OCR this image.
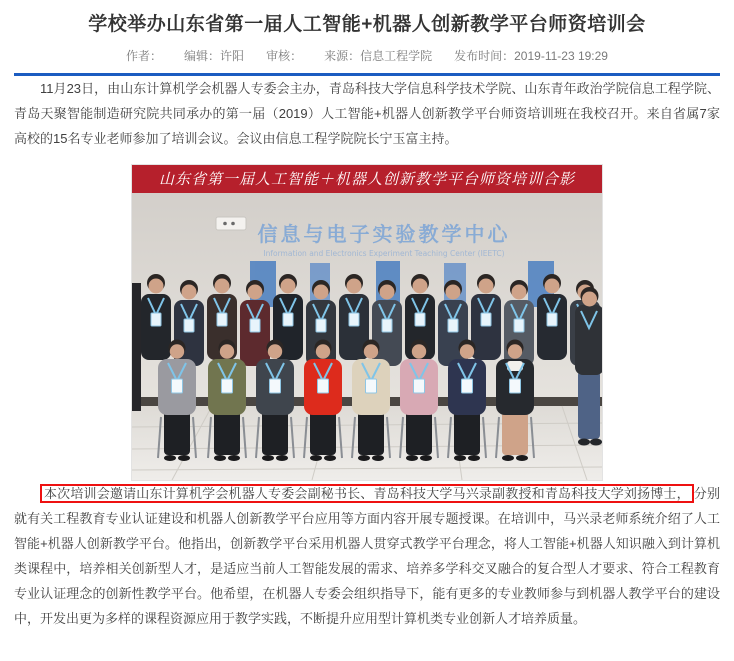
学校举办山东省第一届人工智能+机器人创新教学平台师资培训会
作者： 编辑：许阳 审核： 来源：信息工程学院 发布时间：2019-11-23 19:29

11月23日，由山东计算机学会机器人专委会主办，青岛科技大学信息科学技术学院、山东青年政治学院信息工程学院、青岛天聚智能制造研究院共同承办的第一届（2019）人工智能+机器人创新教学平台师资培训班在我校召开。来自省属7家高校的15名专业老师参加了培训会议。会议由信息工程学院院长宁玉富主持。

信息与电子实验教学中心
Information and Electronics Experiment Teaching Center (IEETC)
山东省第一届人工智能＋机器人创新教学平台师资培训合影

本次培训会邀请山东计算机学会机器人专委会副秘书长、青岛科技大学马兴录副教授和青岛科技大学刘扬博士， 分别就有关工程教育专业认证建设和机器人创新教学平台应用等方面内容开展专题授课。在培训中，马兴录老师系统介绍了人工智能+机器人创新教学平台。他指出，创新教学平台采用机器人贯穿式教学平台理念，将人工智能+机器人知识融入到计算机类课程中，培养相关创新型人才，是适应当前人工智能发展的需求、培养多学科交叉融合的复合型人才要求、符合工程教育专业认证理念的创新性教学平台。他希望，在机器人专委会组织指导下，能有更多的专业教师参与到机器人教学平台的建设中，开发出更为多样的课程资源应用于教学实践，不断提升应用型计算机类专业创新人才培养质量。
